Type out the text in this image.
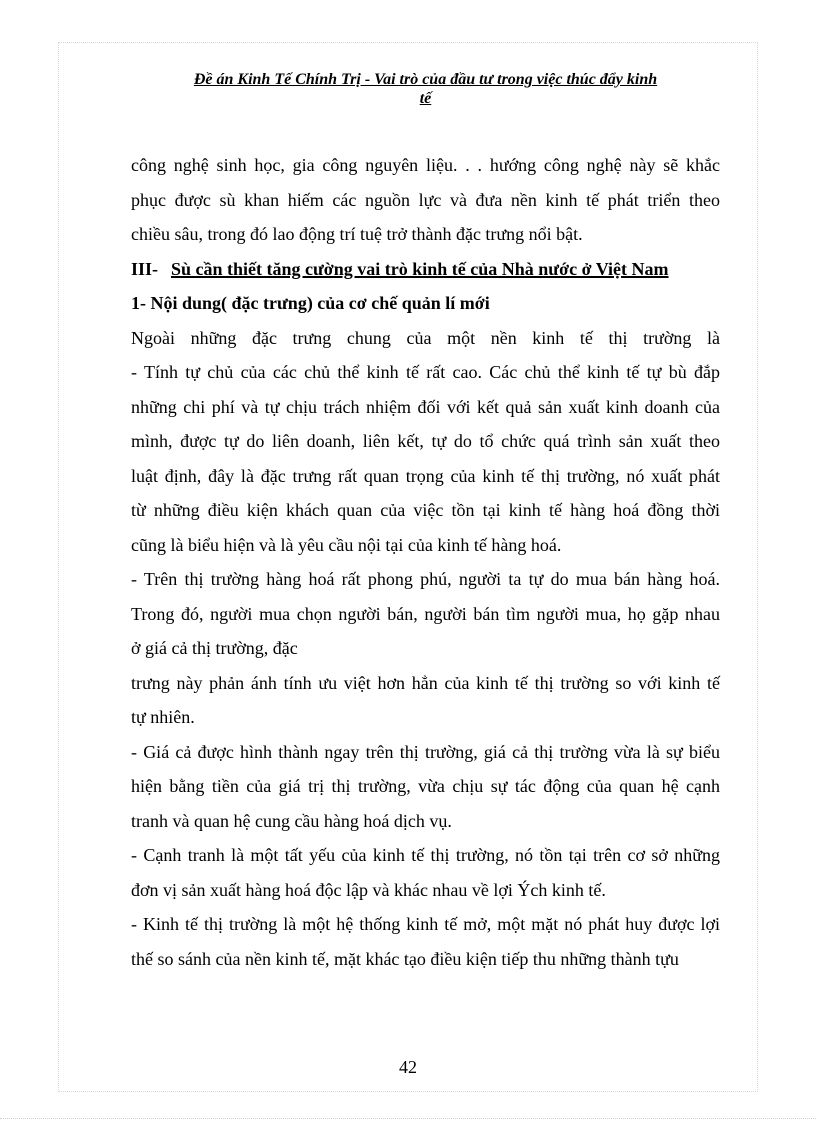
Đề án Kinh Tế Chính Trị - Vai trò của đầu tư trong việc thúc đẩy kinh
tế

công nghệ sinh học, gia công nguyên liệu. . . hướng công nghệ này sẽ khắc

phục được sù khan hiếm các nguồn lực và đưa nền kinh tế phát triển theo

chiều sâu, trong đó lao động trí tuệ trở thành đặc trưng nổi bật.

III- Sù cần thiết tăng cường vai trò kinh tế của Nhà nước ở Việt Nam

1- Nội dung( đặc trưng) của cơ chế quản lí mới

Ngoài những đặc trưng chung của một nền kinh tế thị trường là

- Tính tự chủ của các chủ thể kinh tế rất cao. Các chủ thể kinh tế tự bù đắp

những chi phí và tự chịu trách nhiệm đối với kết quả sản xuất kinh doanh của

mình, được tự do liên doanh, liên kết, tự do tổ chức quá trình sản xuất theo

luật định, đây là đặc trưng rất quan trọng của kinh tế thị trường, nó xuất phát

từ những điều kiện khách quan của việc tồn tại kinh tế hàng hoá đồng thời

cũng là biểu hiện và là yêu cầu nội tại của kinh tế hàng hoá.

- Trên thị trường hàng hoá rất phong phú, người ta tự do mua bán hàng hoá.

Trong đó, người mua chọn người bán, người bán tìm người mua, họ gặp nhau

ở giá cả thị trường, đặc

trưng này phản ánh tính ưu việt hơn hẳn của kinh tế thị trường so với kinh tế

tự nhiên.

- Giá cả được hình thành ngay trên thị trường, giá cả thị trường vừa là sự biểu

hiện bằng tiền của giá trị thị trường, vừa chịu sự tác động của quan hệ cạnh

tranh và quan hệ cung cầu hàng hoá dịch vụ.

- Cạnh tranh là một tất yếu của kinh tế thị trường, nó tồn tại trên cơ sở những

đơn vị sản xuất hàng hoá độc lập và khác nhau về lợi Ých kinh tế.

- Kinh tế thị trường là một hệ thống kinh tế mở, một mặt nó phát huy được lợi

thế so sánh của nền kinh tế, mặt khác tạo điều kiện tiếp thu những thành tựu

42
